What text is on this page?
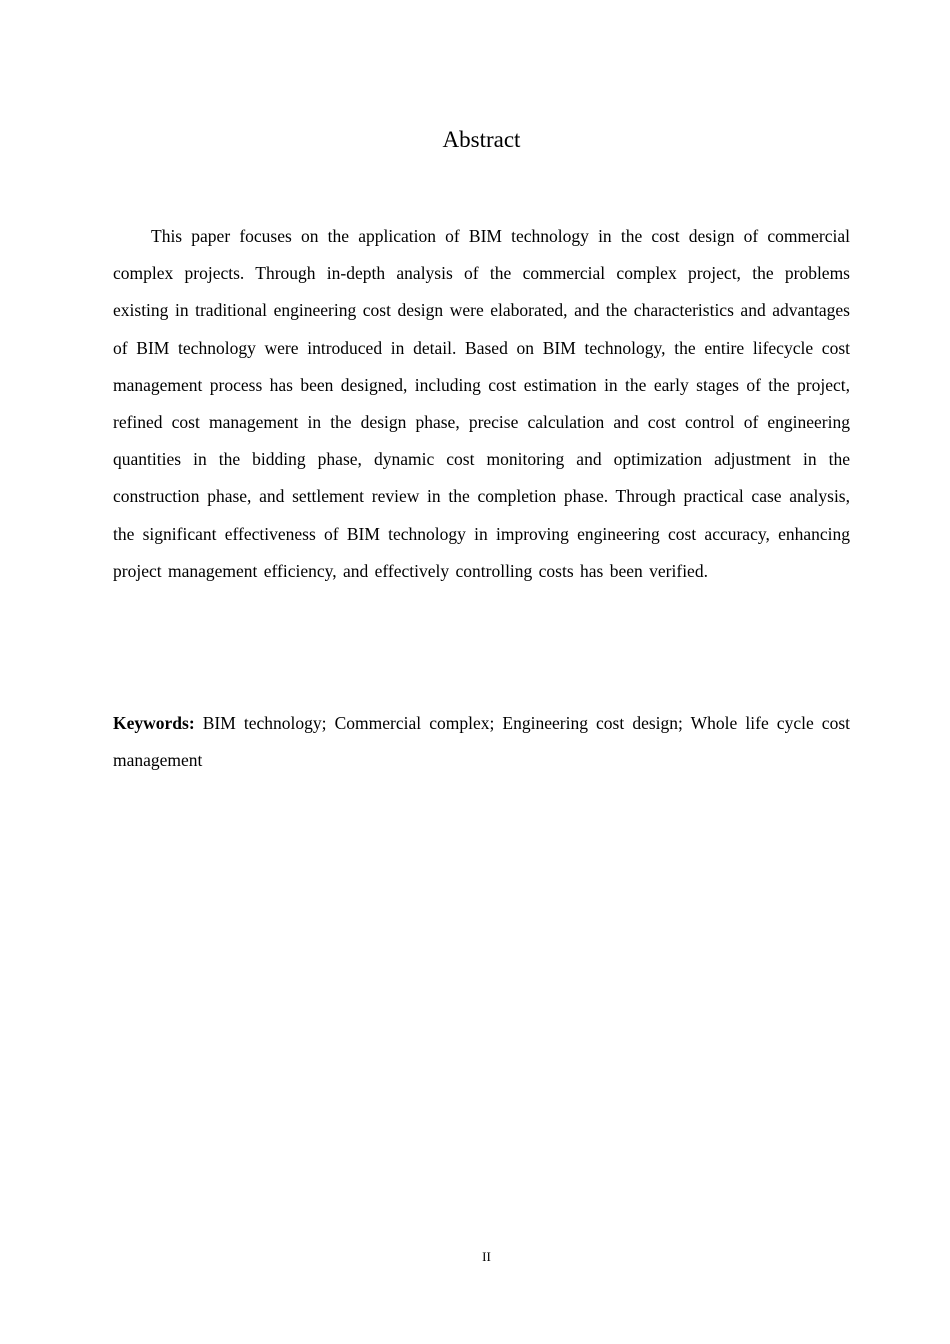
Abstract

This paper focuses on the application of BIM technology in the cost design of commercial complex projects. Through in-depth analysis of the commercial complex project, the problems existing in traditional engineering cost design were elaborated, and the characteristics and advantages of BIM technology were introduced in detail. Based on BIM technology, the entire lifecycle cost management process has been designed, including cost estimation in the early stages of the project, refined cost management in the design phase, precise calculation and cost control of engineering quantities in the bidding phase, dynamic cost monitoring and optimization adjustment in the construction phase, and settlement review in the completion phase. Through practical case analysis, the significant effectiveness of BIM technology in improving engineering cost accuracy, enhancing project management efficiency, and effectively controlling costs has been verified.

Keywords: BIM technology; Commercial complex; Engineering cost design; Whole life cycle cost management

II
